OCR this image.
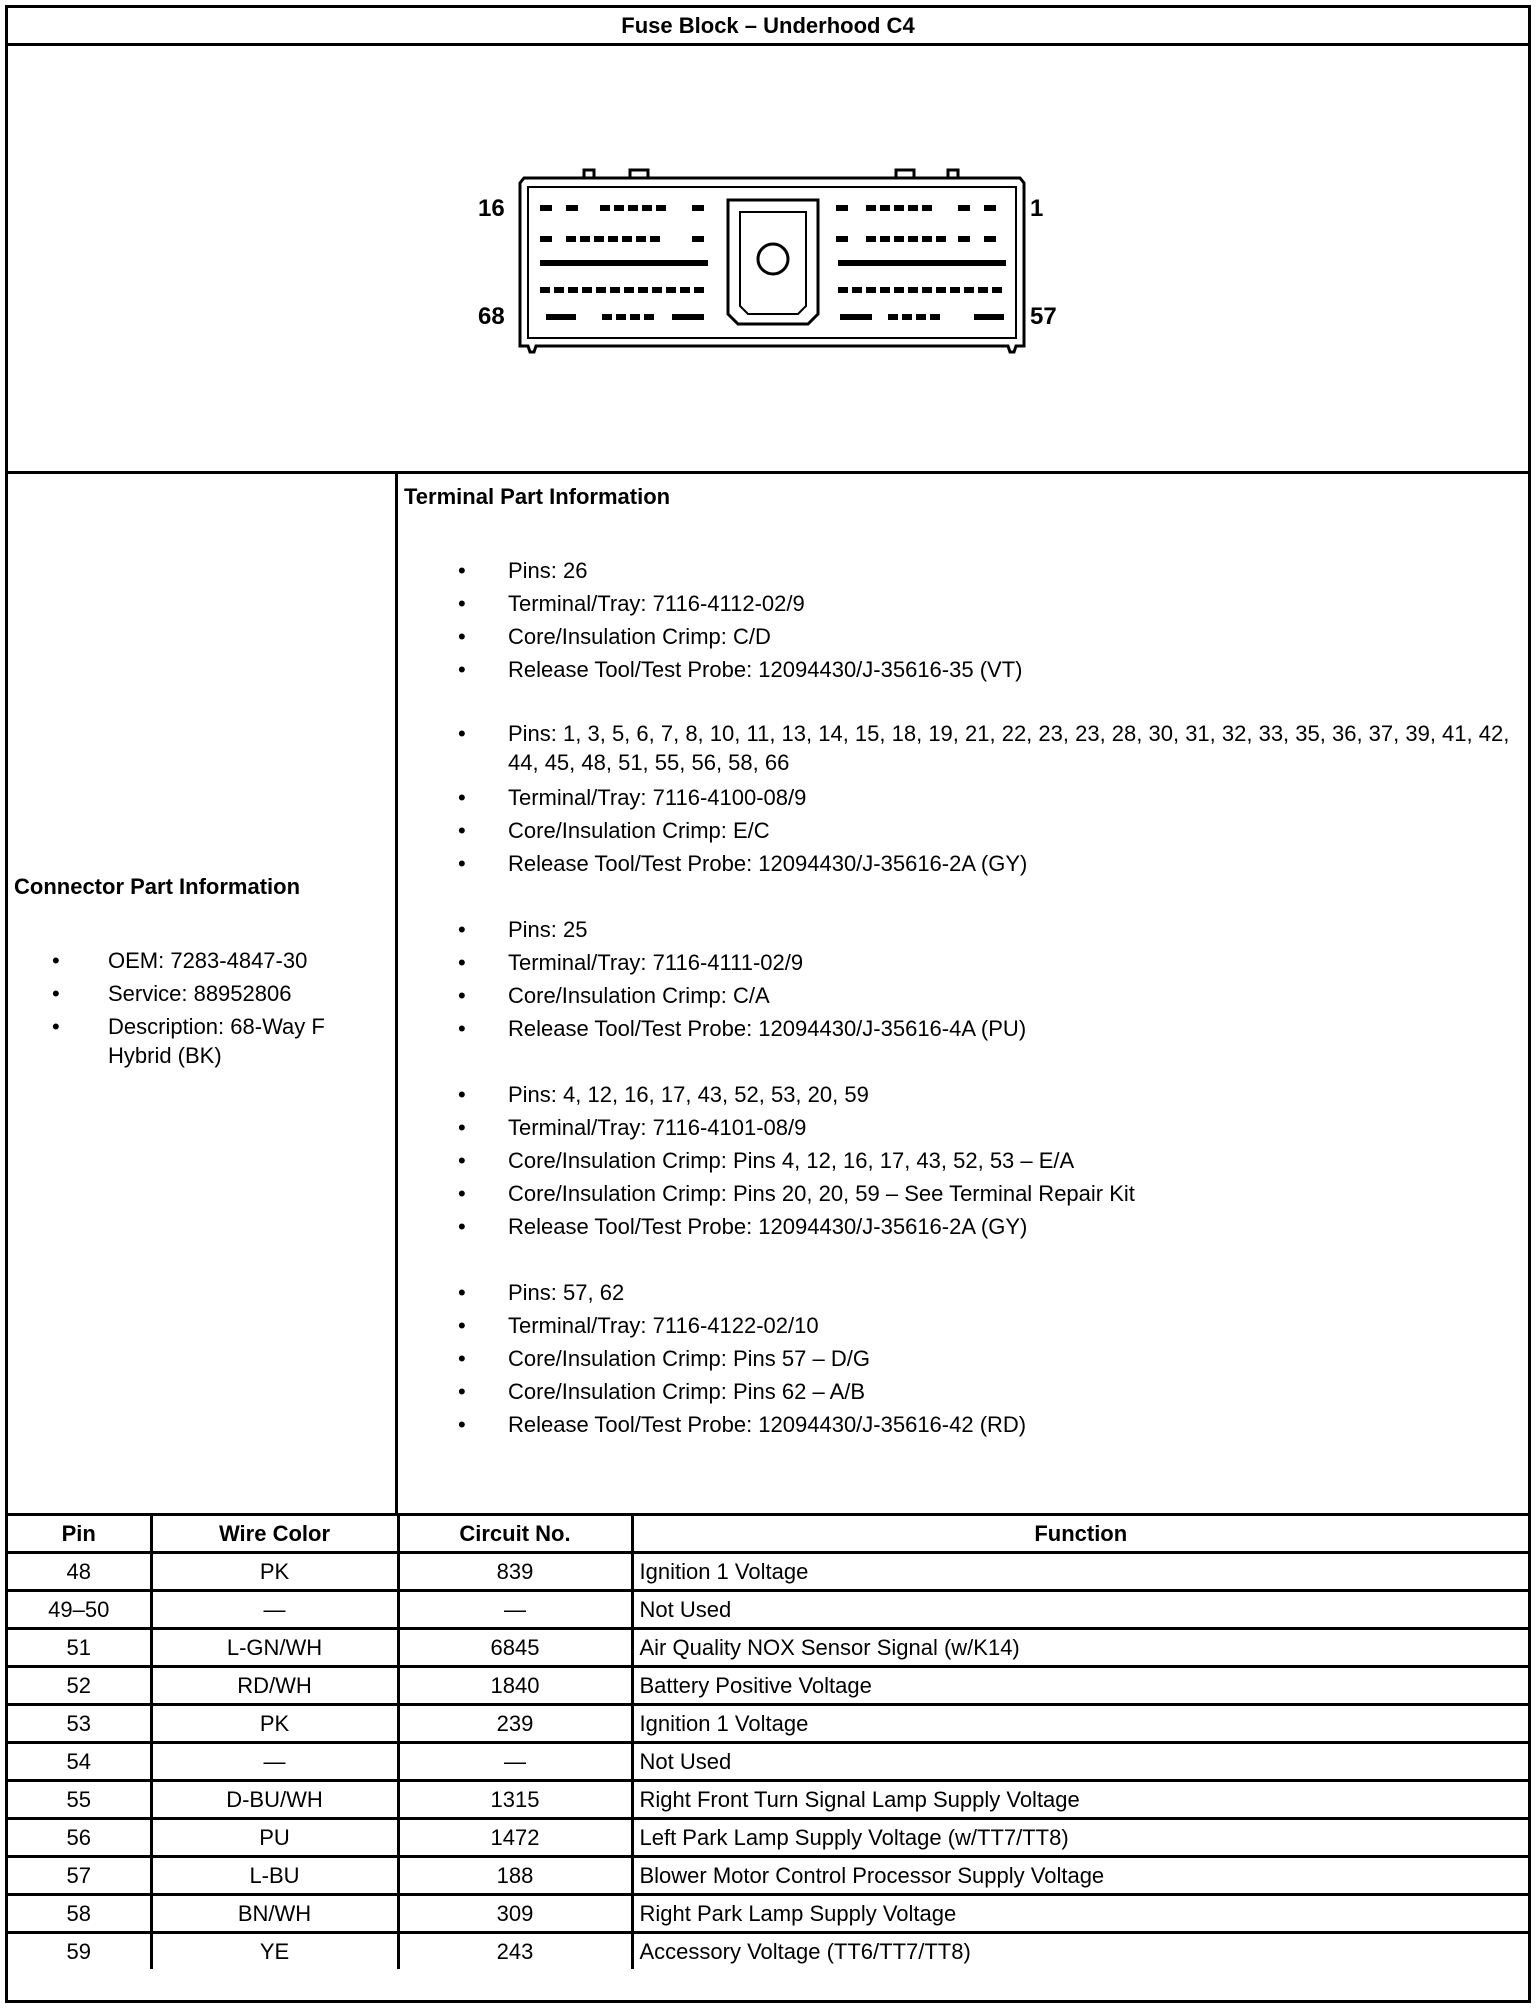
Fuse Block – Underhood C4
16	1
68	57
Connector Part Information
• OEM: 7283-4847-30
• Service: 88952806
• Description: 68-Way F Hybrid (BK)
Terminal Part Information
• Pins: 26
• Terminal/Tray: 7116-4112-02/9
• Core/Insulation Crimp: C/D
• Release Tool/Test Probe: 12094430/J-35616-35 (VT)
• Pins: 1, 3, 5, 6, 7, 8, 10, 11, 13, 14, 15, 18, 19, 21, 22, 23, 23, 28, 30, 31, 32, 33, 35, 36, 37, 39, 41, 42, 44, 45, 48, 51, 55, 56, 58, 66
• Terminal/Tray: 7116-4100-08/9
• Core/Insulation Crimp: E/C
• Release Tool/Test Probe: 12094430/J-35616-2A (GY)
• Pins: 25
• Terminal/Tray: 7116-4111-02/9
• Core/Insulation Crimp: C/A
• Release Tool/Test Probe: 12094430/J-35616-4A (PU)
• Pins: 4, 12, 16, 17, 43, 52, 53, 20, 59
• Terminal/Tray: 7116-4101-08/9
• Core/Insulation Crimp: Pins 4, 12, 16, 17, 43, 52, 53 – E/A
• Core/Insulation Crimp: Pins 20, 20, 59 – See Terminal Repair Kit
• Release Tool/Test Probe: 12094430/J-35616-2A (GY)
• Pins: 57, 62
• Terminal/Tray: 7116-4122-02/10
• Core/Insulation Crimp: Pins 57 – D/G
• Core/Insulation Crimp: Pins 62 – A/B
• Release Tool/Test Probe: 12094430/J-35616-42 (RD)
Pin	Wire Color	Circuit No.	Function
48	PK	839	Ignition 1 Voltage
49–50	—	—	Not Used
51	L-GN/WH	6845	Air Quality NOX Sensor Signal (w/K14)
52	RD/WH	1840	Battery Positive Voltage
53	PK	239	Ignition 1 Voltage
54	—	—	Not Used
55	D-BU/WH	1315	Right Front Turn Signal Lamp Supply Voltage
56	PU	1472	Left Park Lamp Supply Voltage (w/TT7/TT8)
57	L-BU	188	Blower Motor Control Processor Supply Voltage
58	BN/WH	309	Right Park Lamp Supply Voltage
59	YE	243	Accessory Voltage (TT6/TT7/TT8)
